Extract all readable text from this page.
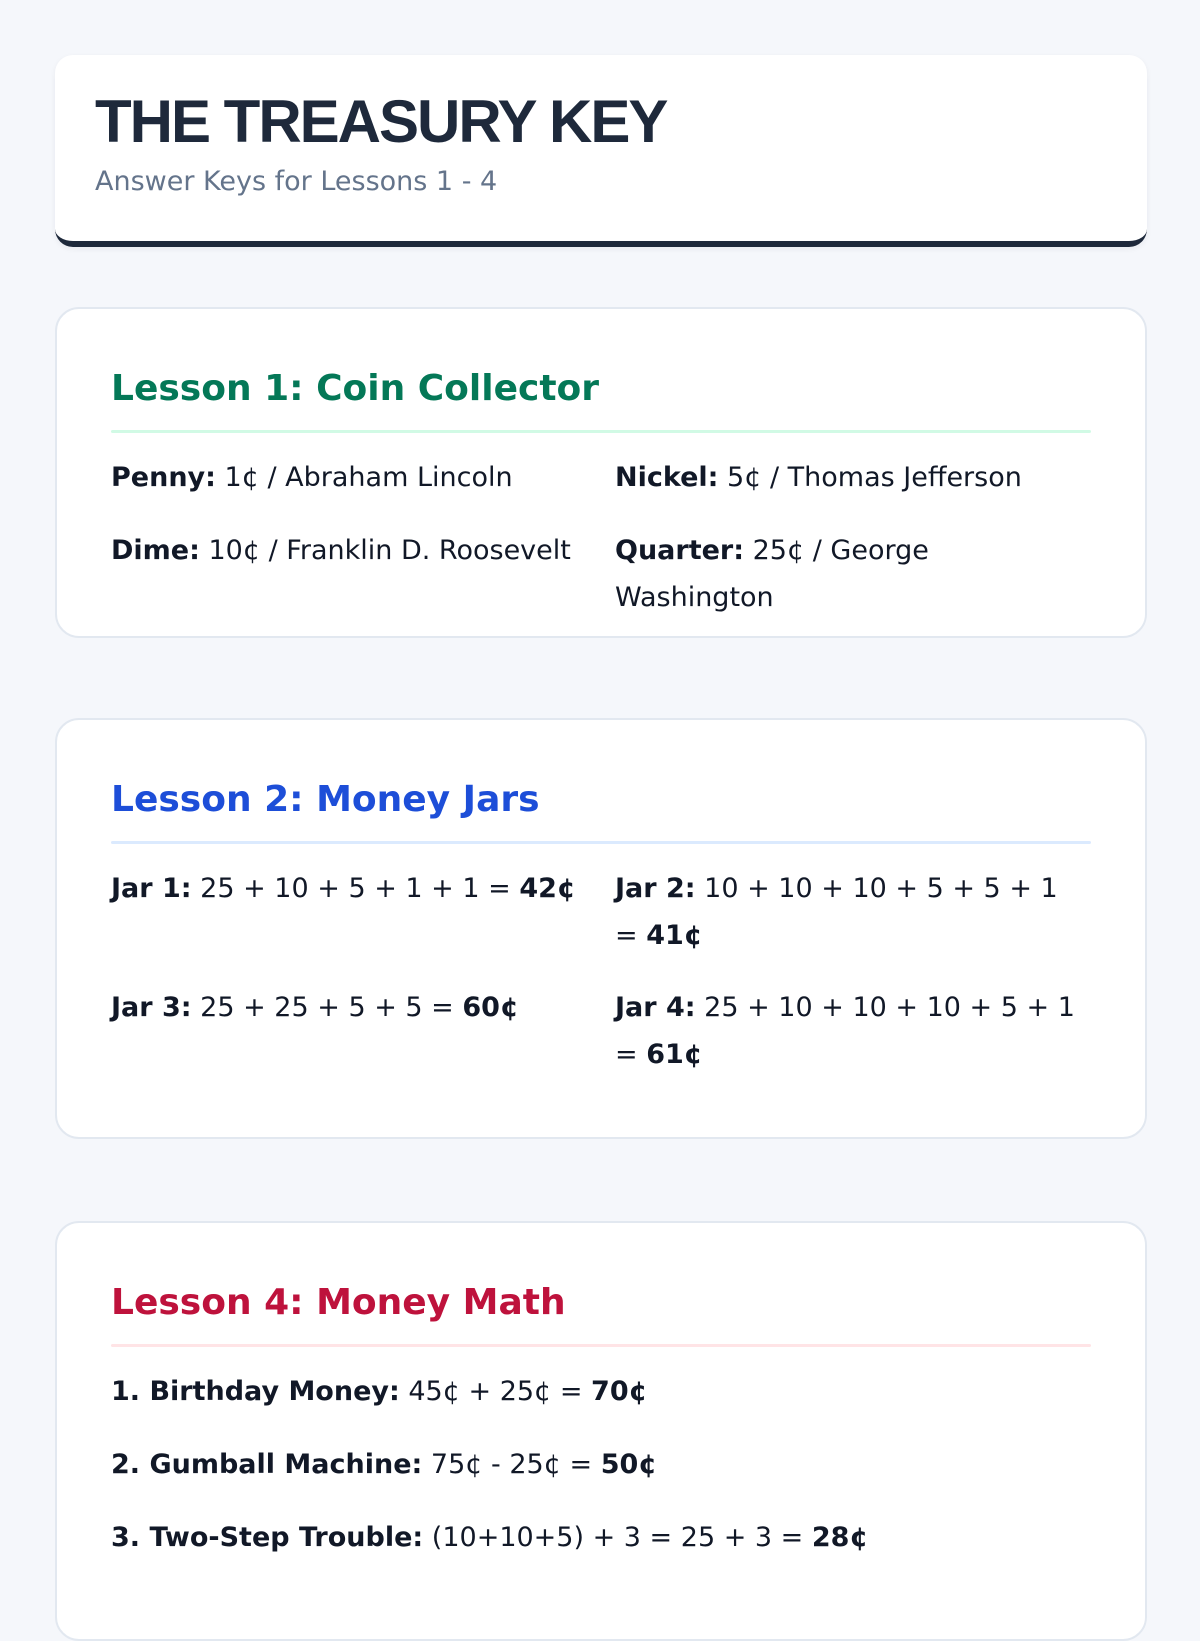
THE TREASURY KEY
Answer Keys for Lessons 1 - 4
Lesson 1: Coin Collector
Penny: 1¢ / Abraham Lincoln	Nickel: 5¢ / Thomas Jefferson
Dime: 10¢ / Franklin D. Roosevelt	Quarter: 25¢ / George Washington
Lesson 2: Money Jars
Jar 1: 25 + 10 + 5 + 1 + 1 = 42¢ Jar 2: 10 + 10 + 10 + 5 + 5 + 1 = 41¢
Jar 3: 25 + 25 + 5 + 5 = 60¢	Jar 4: 25 + 10 + 10 + 10 + 5 + 1 = 61¢
Lesson 4: Money Math
1. Birthday Money: 45¢ + 25¢ = 70¢
2. Gumball Machine: 75¢ - 25¢ = 50¢
3. Two-Step Trouble: (10+10+5) + 3 = 25 + 3 = 28¢
